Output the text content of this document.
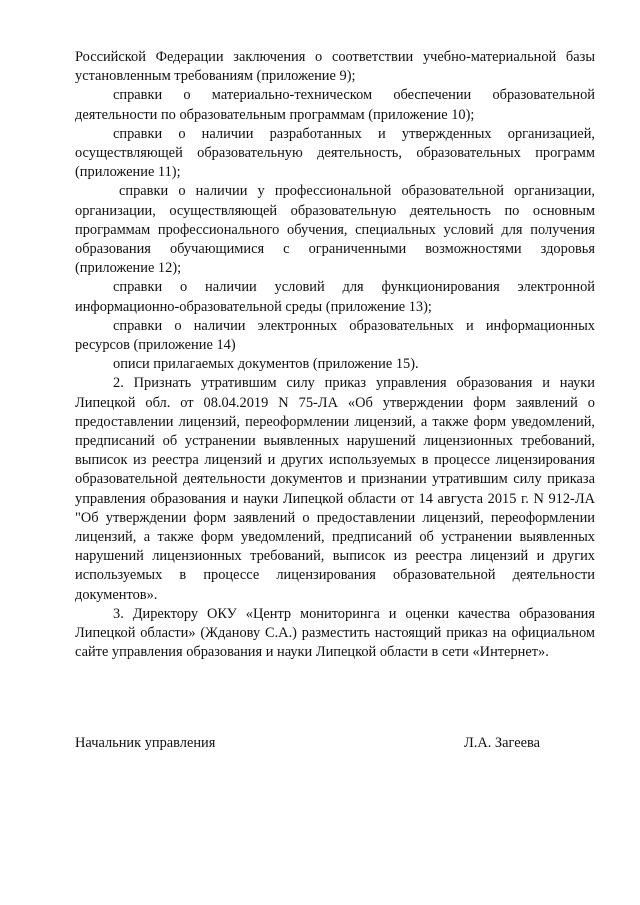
Российской Федерации заключения о соответствии учебно-материальной базы установленным требованиям (приложение 9);

справки о материально-техническом обеспечении образовательной деятельности по образовательным программам (приложение 10);

справки о наличии разработанных и утвержденных организацией, осуществляющей образовательную деятельность, образовательных программ (приложение 11);

справки о наличии у профессиональной образовательной организации, организации, осуществляющей образовательную деятельность по основным программам профессионального обучения, специальных условий для получения образования обучающимися с ограниченными возможностями здоровья (приложение 12);

справки о наличии условий для функционирования электронной информационно-образовательной среды (приложение 13);

справки о наличии электронных образовательных и информационных ресурсов (приложение 14)

описи прилагаемых документов (приложение 15).

2. Признать утратившим силу приказ управления образования и науки Липецкой обл. от 08.04.2019 N 75-ЛА «Об утверждении форм заявлений о предоставлении лицензий, переоформлении лицензий, а также форм уведомлений, предписаний об устранении выявленных нарушений лицензионных требований, выписок из реестра лицензий и других используемых в процессе лицензирования образовательной деятельности документов и признании утратившим силу приказа управления образования и науки Липецкой области от 14 августа 2015 г. N 912-ЛА "Об утверждении форм заявлений о предоставлении лицензий, переоформлении лицензий, а также форм уведомлений, предписаний об устранении выявленных нарушений лицензионных требований, выписок из реестра лицензий и других используемых в процессе лицензирования образовательной деятельности документов».

3. Директору ОКУ «Центр мониторинга и оценки качества образования Липецкой области» (Жданову С.А.) разместить настоящий приказ на официальном сайте управления образования и науки Липецкой области в сети «Интернет».

Начальник управления	Л.А. Загеева
